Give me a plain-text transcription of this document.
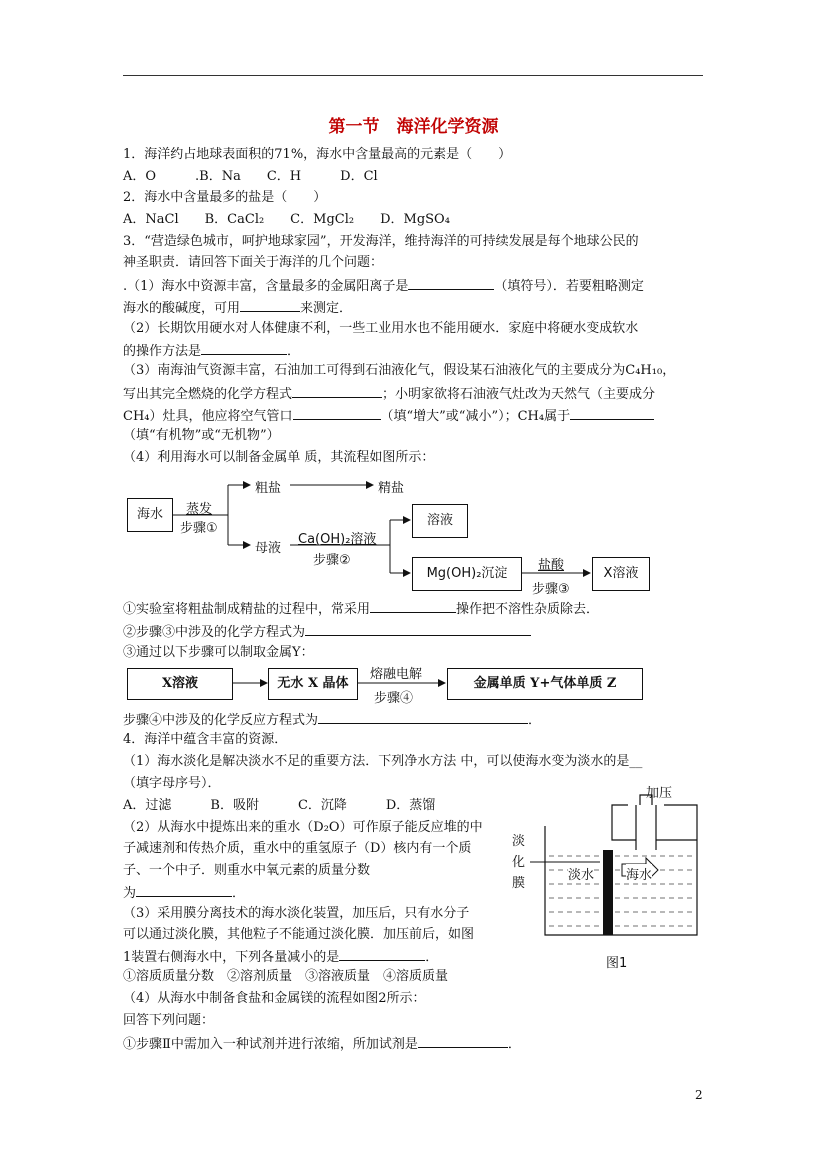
第一节　海洋化学资源
1．海洋约占地球表面积的71%，海水中含量最高的元素是（　　）
A．O　　　.B．Na　　C．H　　　D．Cl
2．海水中含量最多的盐是（　　）
A．NaCl　　B．CaCl₂　　C．MgCl₂　　D．MgSO₄
3．“营造绿色城市，呵护地球家园”，开发海洋，维持海洋的可持续发展是每个地球公民的
神圣职责．请回答下面关于海洋的几个问题：
.（1）海水中资源丰富，含量最多的金属阳离子是	（填符号）．若要粗略测定
海水的酸碱度，可用	来测定．
（2）长期饮用硬水对人体健康不利，一些工业用水也不能用硬水．家庭中将硬水变成软水
的操作方法是	．
（3）南海油气资源丰富，石油加工可得到石油液化气，假设某石油液化气的主要成分为C₄H₁₀，
写出其完全燃烧的化学方程式	；小明家欲将石油液气灶改为天然气（主要成分
CH₄）灶具，他应将空气管口	（填“增大”或“减小”）；CH₄属于
（填“有机物”或“无机物”）
（4）利用海水可以制备金属单 质，其流程如图所示：
海水	蒸发
步骤①
粗盐	精盐
母液
Ca(OH)₂溶液
步骤②
溶液
Mg(OH)₂沉淀
盐酸
步骤③
X溶液
①实验室将粗盐制成精盐的过程中，常采用	操作把不溶性杂质除去．
②步骤③中涉及的化学方程式为
③通过以下步骤可以制取金属Y：
X溶液	无水 X 晶体
熔融电解
步骤④
金属单质 Y+气体单质 Z
步骤④中涉及的化学反应方程式为	．
4．海洋中蕴含丰富的资源．
（1）海水淡化是解决淡水不足的重要方法．下列净水方法 中，可以使海水变为淡水的是__
（填字母序号）．
A．过滤　　　B．吸附　　　C．沉降　　　D．蒸馏
（2）从海水中提炼出来的重水（D₂O）可作原子能反应堆的中
子减速剂和传热介质，重水中的重氢原子（D）核内有一个质
子、一个中子．则重水中氧元素的质量分数
为	．
（3）采用膜分离技术的海水淡化装置，加压后，只有水分子
可以通过淡化膜，其他粒子不能通过淡化膜．加压前后，如图
1装置右侧海水中，下列各量减小的是	．
①溶质质量分数　②溶剂质量　③溶液质量　④溶质质量
（4）从海水中制备食盐和金属镁的流程如图2所示：
回答下列问题：
①步骤Ⅱ中需加入一种试剂并进行浓缩，所加试剂是	．
加压
淡
化
膜
淡水 海水
图1
2
